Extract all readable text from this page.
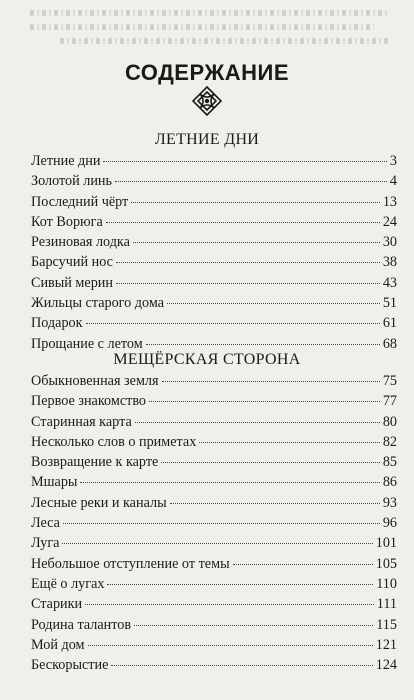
СОДЕРЖАНИЕ
ЛЕТНИЕ ДНИ
Летние дни	3
Золотой линь	4
Последний чёрт	13
Кот Ворюга	24
Резиновая лодка	30
Барсучий нос	38
Сивый мерин	43
Жильцы старого дома	51
Подарок	61
Прощание с летом	68
МЕЩЁРСКАЯ СТОРОНА
Обыкновенная земля	75
Первое знакомство	77
Старинная карта	80
Несколько слов о приметах	82
Возвращение к карте	85
Мшары	86
Лесные реки и каналы	93
Леса	96
Луга	101
Небольшое отступление от темы	105
Ещё о лугах	110
Старики	111
Родина талантов	115
Мой дом	121
Бескорыстие	124
